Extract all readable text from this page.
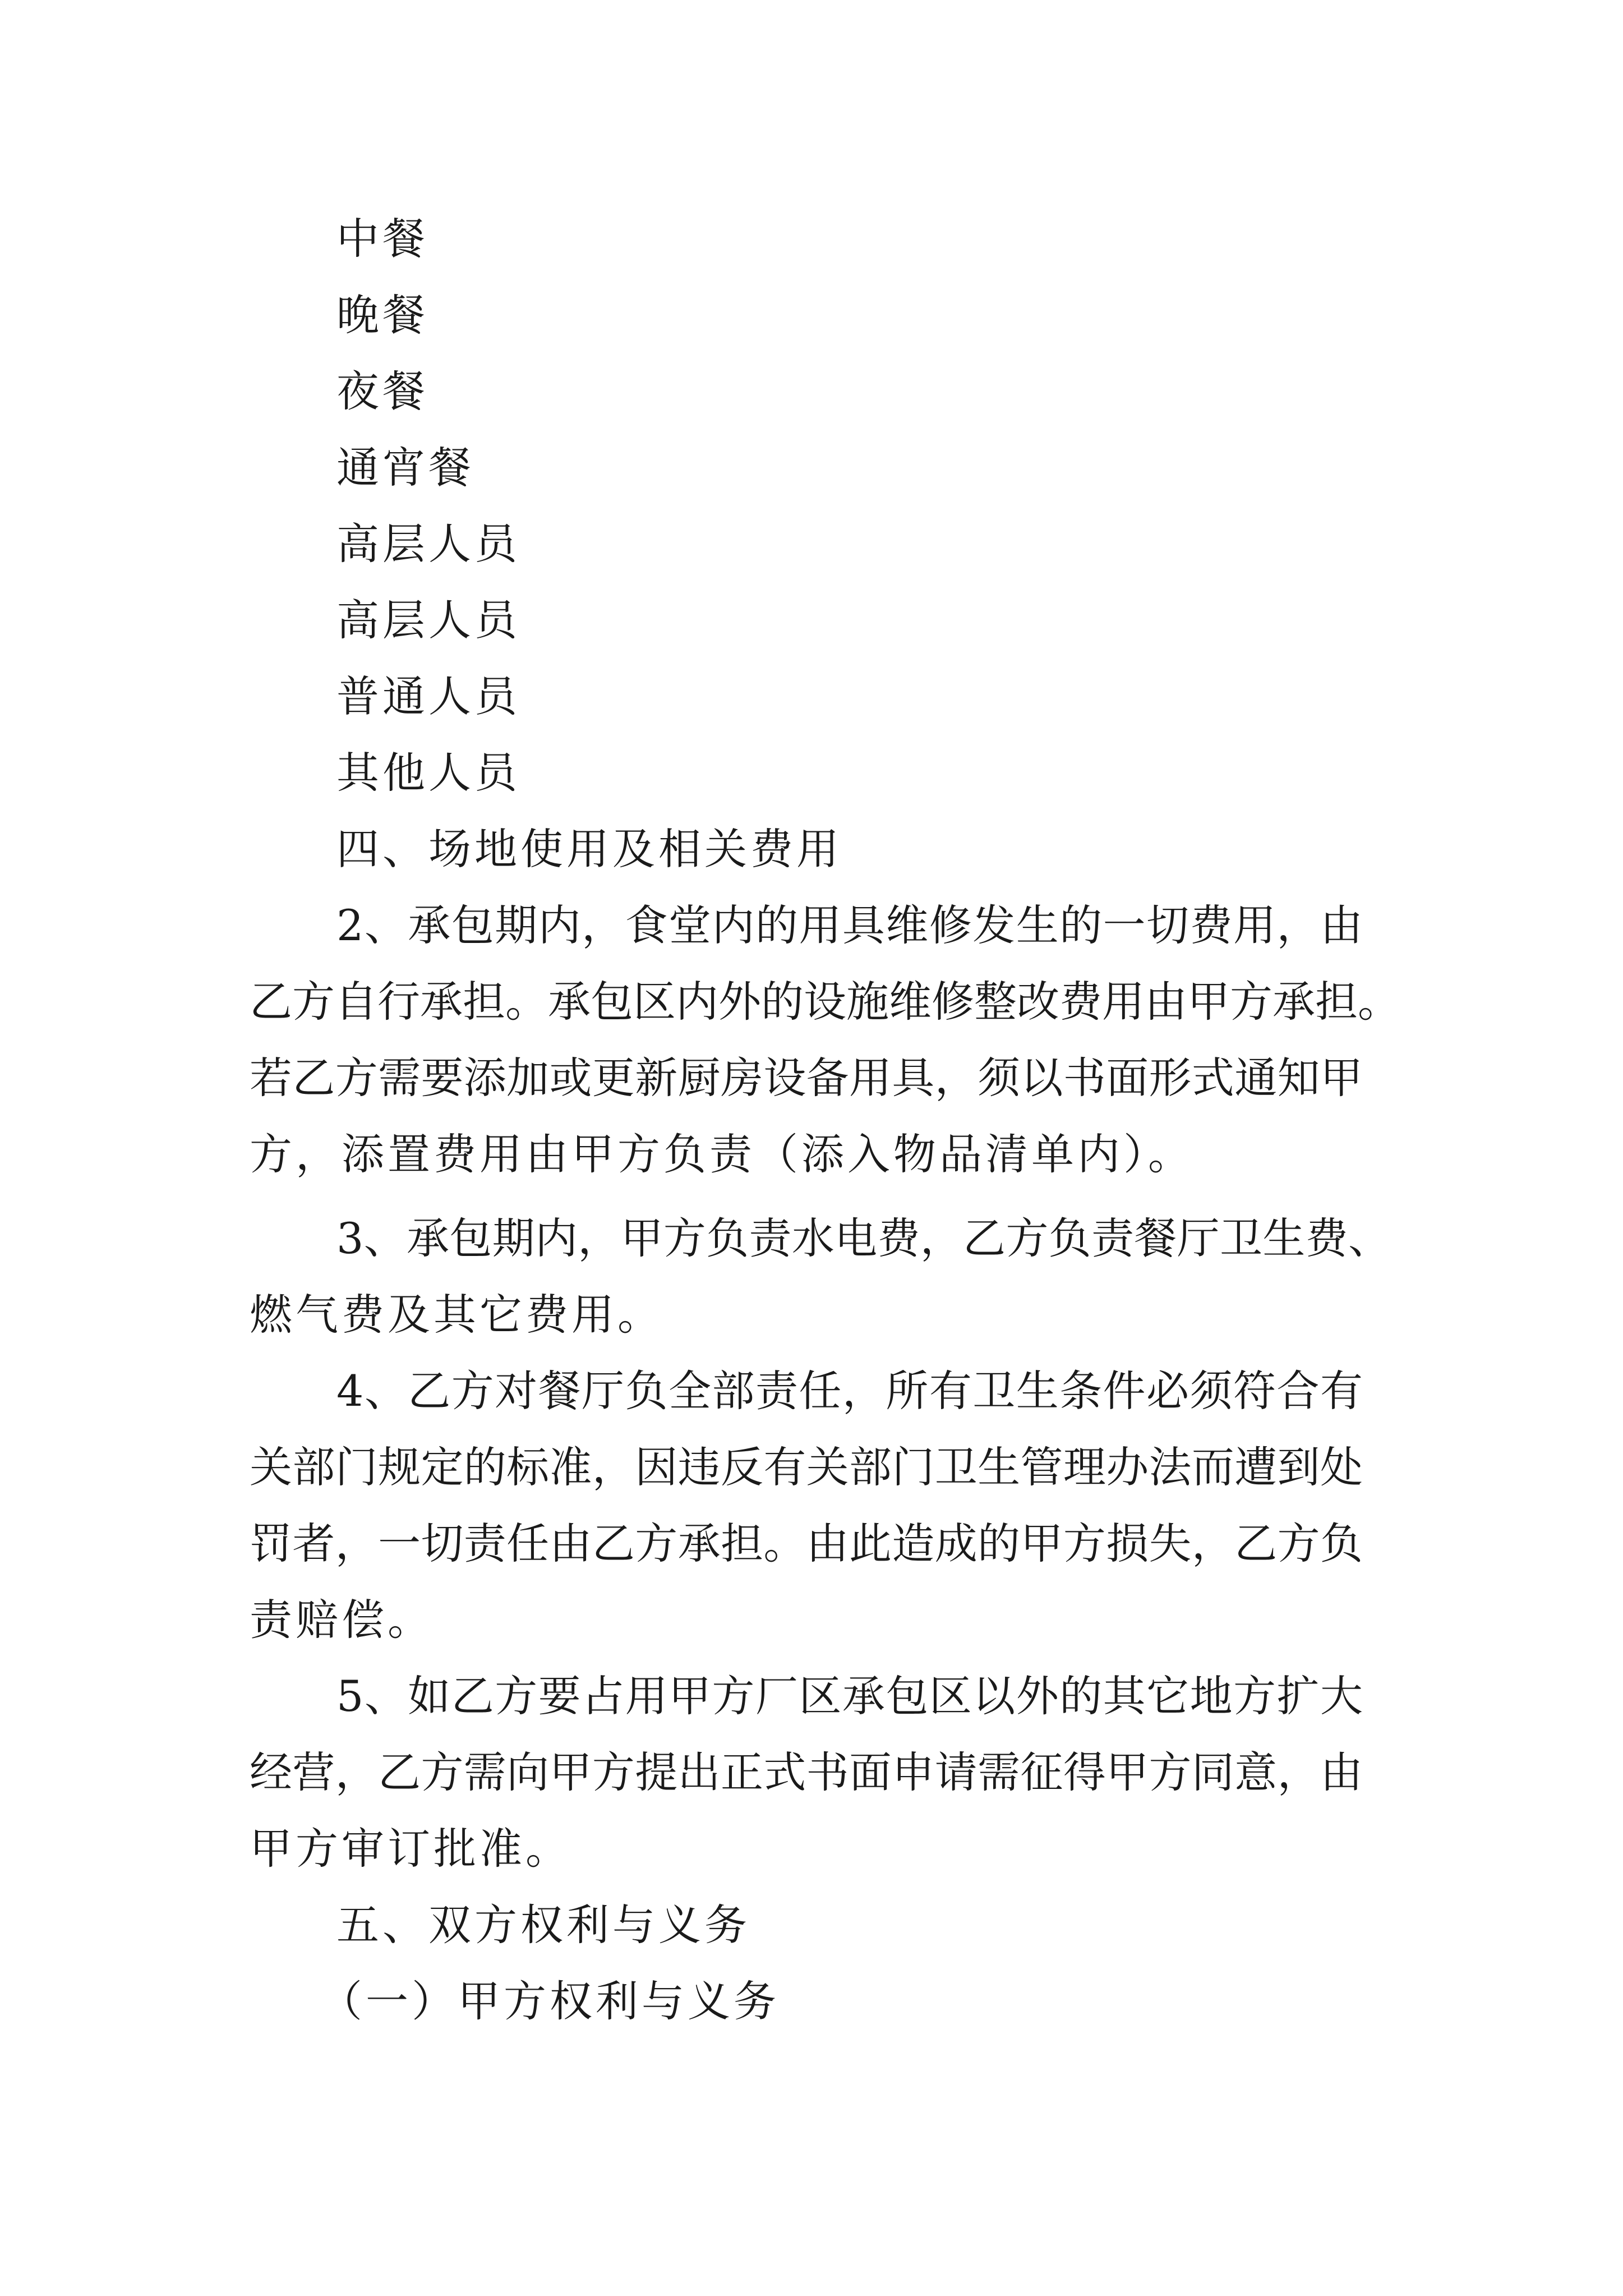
中餐
晚餐
夜餐
通宵餐
高层人员
高层人员
普通人员
其他人员
四、场地使用及相关费用
2、承包期内，食堂内的用具维修发生的一切费用，由
乙方自行承担。承包区内外的设施维修整改费用由甲方承担。
若乙方需要添加或更新厨房设备用具，须以书面形式通知甲
方，添置费用由甲方负责（添入物品清单内）。
3、承包期内，甲方负责水电费，乙方负责餐厅卫生费、
燃气费及其它费用。
4、乙方对餐厅负全部责任，所有卫生条件必须符合有
关部门规定的标准，因违反有关部门卫生管理办法而遭到处
罚者，一切责任由乙方承担。由此造成的甲方损失，乙方负
责赔偿。
5、如乙方要占用甲方厂区承包区以外的其它地方扩大
经营，乙方需向甲方提出正式书面申请需征得甲方同意，由
甲方审订批准。
五、双方权利与义务
（一）甲方权利与义务
